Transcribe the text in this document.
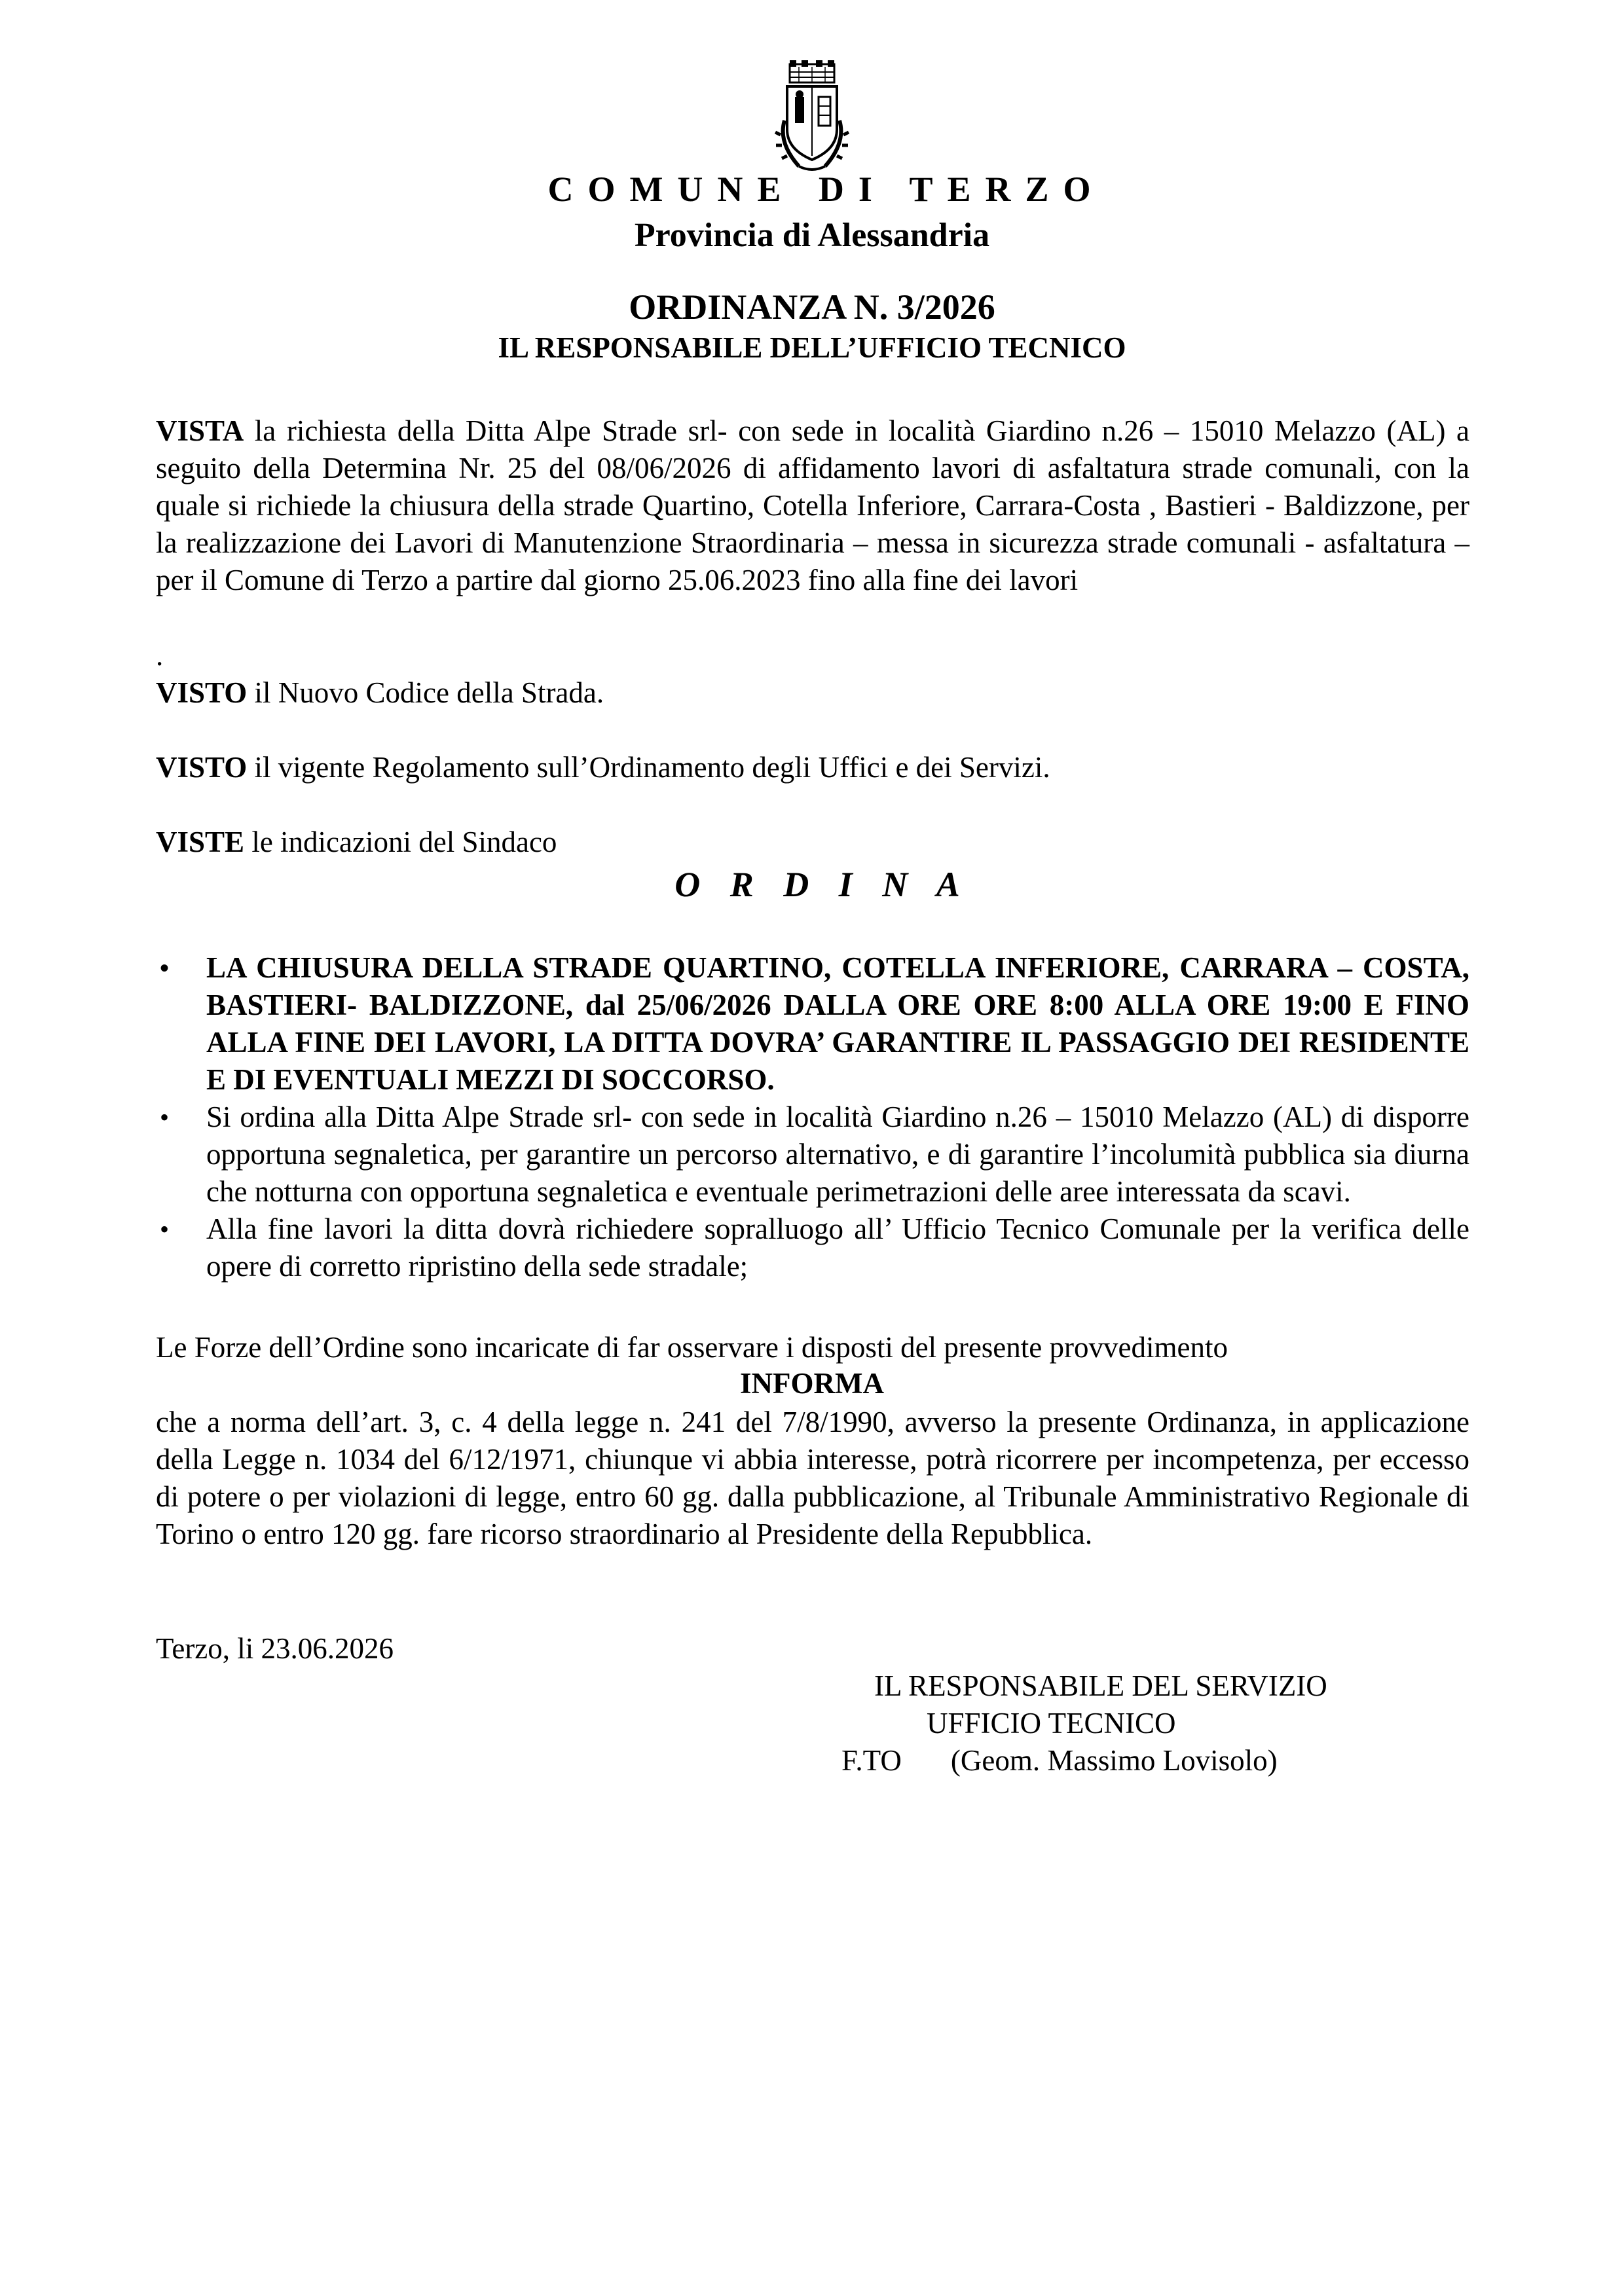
COMUNE DI TERZO
Provincia di Alessandria
ORDINANZA N. 3/2026
IL RESPONSABILE DELL’UFFICIO TECNICO
VISTA la richiesta della Ditta Alpe Strade srl- con sede in località Giardino n.26 – 15010 Melazzo (AL) a seguito della Determina Nr. 25 del 08/06/2026 di affidamento lavori di asfaltatura strade comunali, con la quale si richiede la chiusura della strade Quartino, Cotella Inferiore, Carrara-Costa , Bastieri - Baldizzone, per la realizzazione dei Lavori di Manutenzione Straordinaria – messa in sicurezza strade comunali - asfaltatura – per il Comune di Terzo a partire dal giorno 25.06.2023 fino alla fine dei lavori
.
VISTO il Nuovo Codice della Strada.
VISTO il vigente Regolamento sull’Ordinamento degli Uffici e dei Servizi.
VISTE le indicazioni del Sindaco
O R D I N A
• LA CHIUSURA DELLA STRADE QUARTINO, COTELLA INFERIORE, CARRARA – COSTA, BASTIERI- BALDIZZONE, dal 25/06/2026 DALLA ORE ORE 8:00 ALLA ORE 19:00 E FINO ALLA FINE DEI LAVORI, LA DITTA DOVRA’ GARANTIRE IL PASSAGGIO DEI RESIDENTE E DI EVENTUALI MEZZI DI SOCCORSO.
• Si ordina alla Ditta Alpe Strade srl- con sede in località Giardino n.26 – 15010 Melazzo (AL) di disporre opportuna segnaletica, per garantire un percorso alternativo, e di garantire l’incolumità pubblica sia diurna che notturna con opportuna segnaletica e eventuale perimetrazioni delle aree interessata da scavi.
• Alla fine lavori la ditta dovrà richiedere sopralluogo all’ Ufficio Tecnico Comunale per la verifica delle opere di corretto ripristino della sede stradale;
Le Forze dell’Ordine sono incaricate di far osservare i disposti del presente provvedimento
INFORMA
che a norma dell’art. 3, c. 4 della legge n. 241 del 7/8/1990, avverso la presente Ordinanza, in applicazione della Legge n. 1034 del 6/12/1971, chiunque vi abbia interesse, potrà ricorrere per incompetenza, per eccesso di potere o per violazioni di legge, entro 60 gg. dalla pubblicazione, al Tribunale Amministrativo Regionale di Torino o entro 120 gg. fare ricorso straordinario al Presidente della Repubblica.
Terzo, li 23.06.2026
IL RESPONSABILE DEL SERVIZIO
UFFICIO TECNICO
F.TO (Geom. Massimo Lovisolo)
